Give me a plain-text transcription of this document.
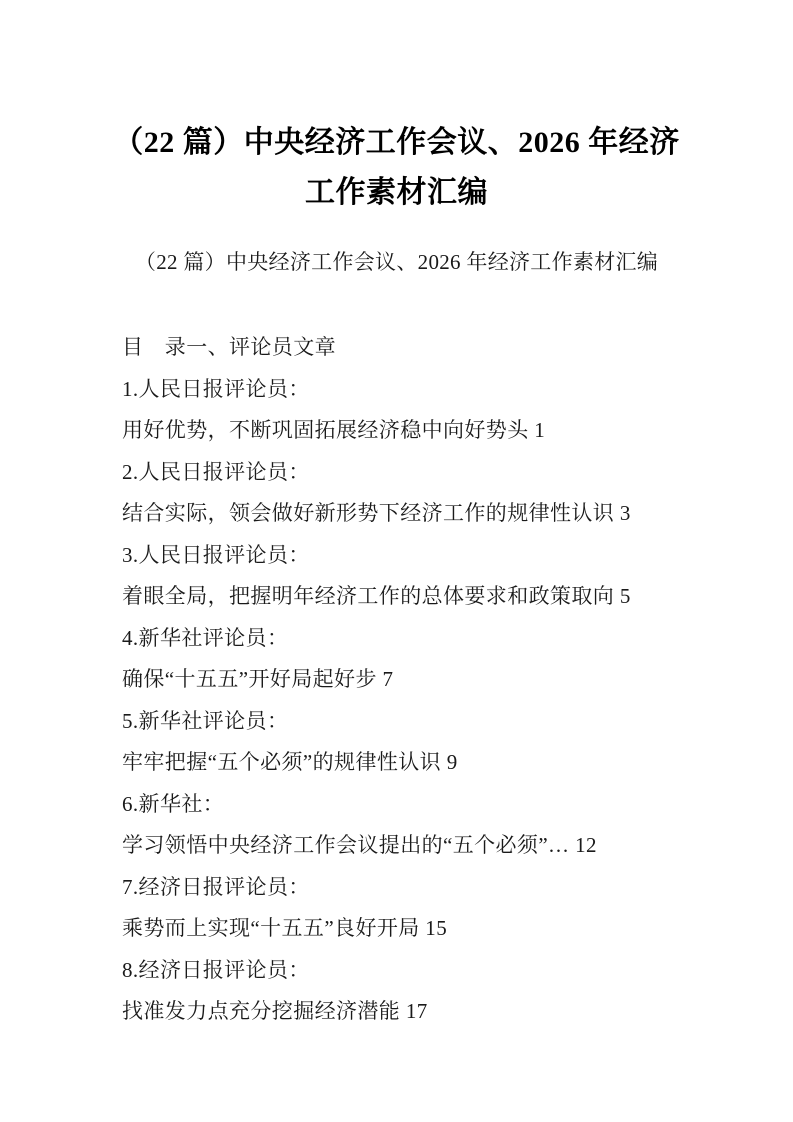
（22 篇）中央经济工作会议、2026 年经济
工作素材汇编
（22 篇）中央经济工作会议、2026 年经济工作素材汇编
目　录一、评论员文章
1.人民日报评论员：
用好优势，不断巩固拓展经济稳中向好势头 1
2.人民日报评论员：
结合实际，领会做好新形势下经济工作的规律性认识 3
3.人民日报评论员：
着眼全局，把握明年经济工作的总体要求和政策取向 5
4.新华社评论员：
确保“十五五”开好局起好步 7
5.新华社评论员：
牢牢把握“五个必须”的规律性认识 9
6.新华社：
学习领悟中央经济工作会议提出的“五个必须”… 12
7.经济日报评论员：
乘势而上实现“十五五”良好开局 15
8.经济日报评论员：
找准发力点充分挖掘经济潜能 17
